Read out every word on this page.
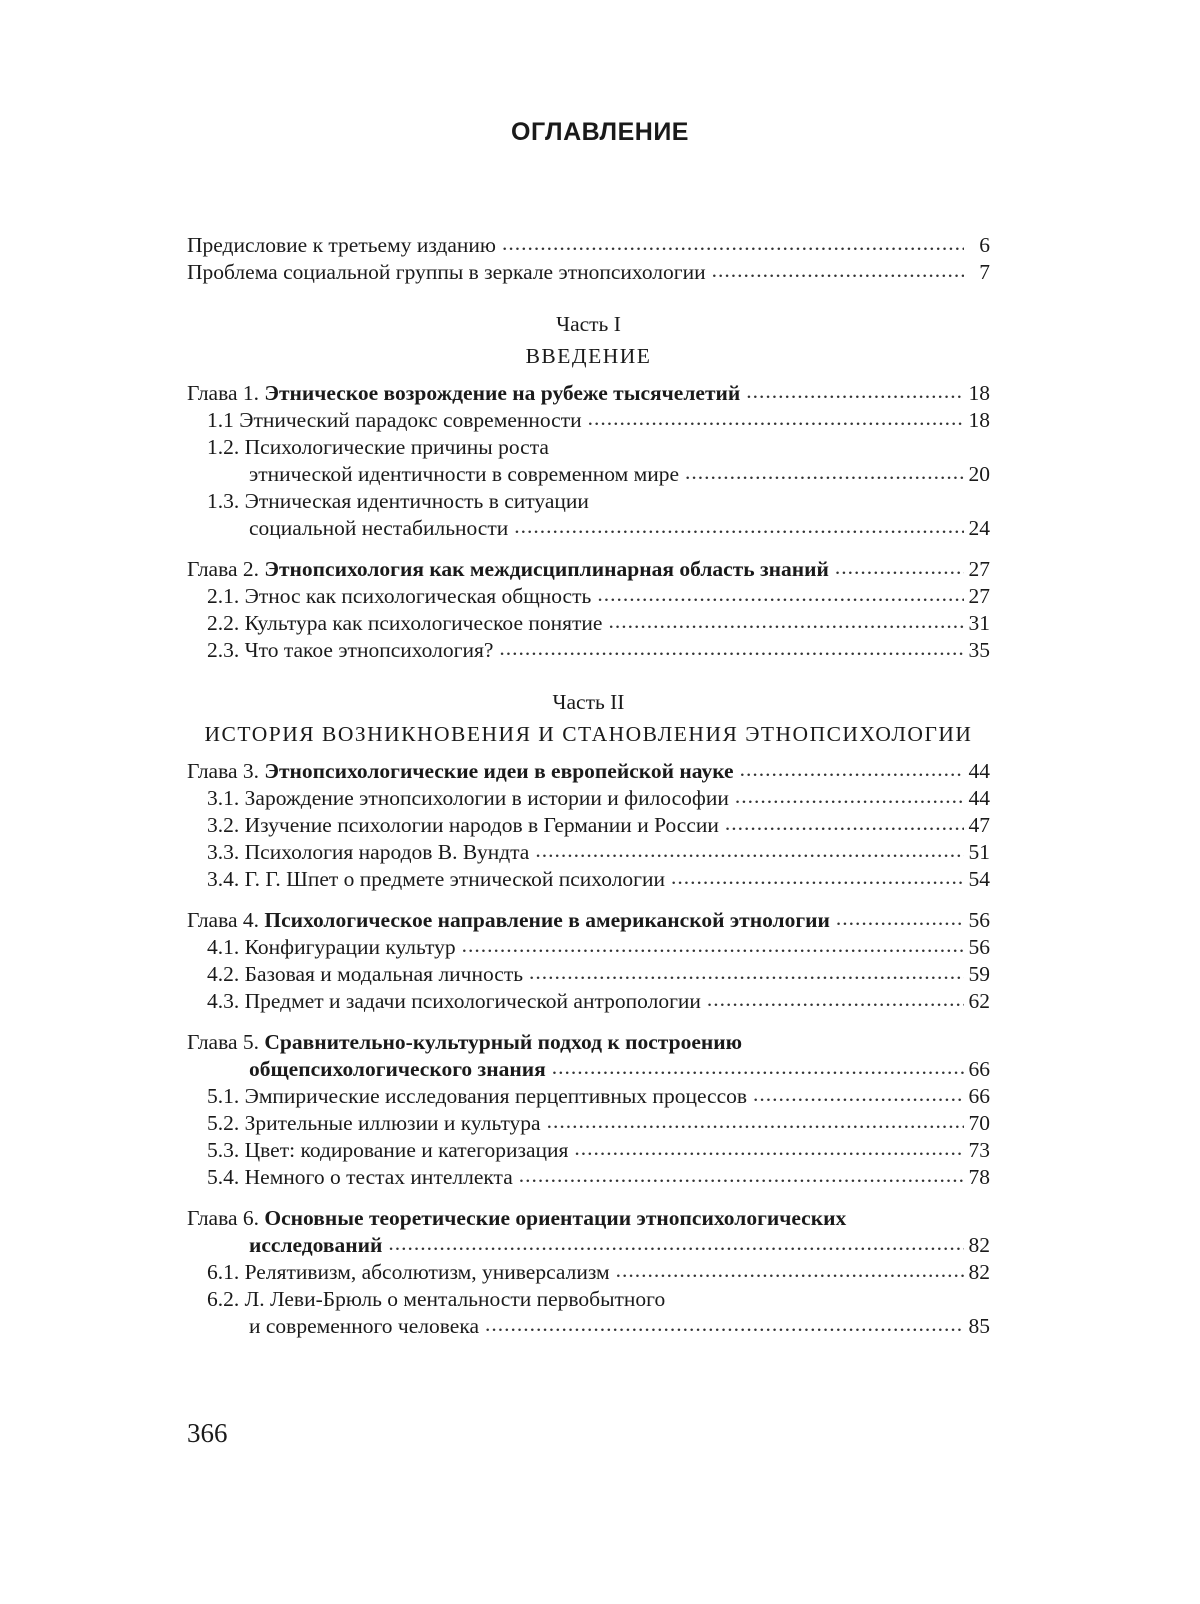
ОГЛАВЛЕНИЕ
Предисловие к третьему изданию .....	6
Проблема социальной группы в зеркале этнопсихологии .....	7
Часть I
ВВЕДЕНИЕ
Глава 1. Этническое возрождение на рубеже тысячелетий .....	18
1.1 Этнический парадокс современности .....	18
1.2. Психологические причины роста
этнической идентичности в современном мире .....	20
1.3. Этническая идентичность в ситуации
социальной нестабильности .....	24
Глава 2. Этнопсихология как междисциплинарная область знаний .....	27
2.1. Этнос как психологическая общность .....	27
2.2. Культура как психологическое понятие .....	31
2.3. Что такое этнопсихология? .....	35
Часть II
ИСТОРИЯ ВОЗНИКНОВЕНИЯ И СТАНОВЛЕНИЯ ЭТНОПСИХОЛОГИИ
Глава 3. Этнопсихологические идеи в европейской науке .....	44
3.1. Зарождение этнопсихологии в истории и философии .....	44
3.2. Изучение психологии народов в Германии и России .....	47
3.3. Психология народов В. Вундта .....	51
3.4. Г. Г. Шпет о предмете этнической психологии .....	54
Глава 4. Психологическое направление в американской этнологии .....	56
4.1. Конфигурации культур .....	56
4.2. Базовая и модальная личность .....	59
4.3. Предмет и задачи психологической антропологии .....	62
Глава 5. Сравнительно-культурный подход к построению
общепсихологического знания .....	66
5.1. Эмпирические исследования перцептивных процессов .....	66
5.2. Зрительные иллюзии и культура .....	70
5.3. Цвет: кодирование и категоризация .....	73
5.4. Немного о тестах интеллекта .....	78
Глава 6. Основные теоретические ориентации этнопсихологических
исследований .....	82
6.1. Релятивизм, абсолютизм, универсализм .....	82
6.2. Л. Леви-Брюль о ментальности первобытного
и современного человека .....	85
366
